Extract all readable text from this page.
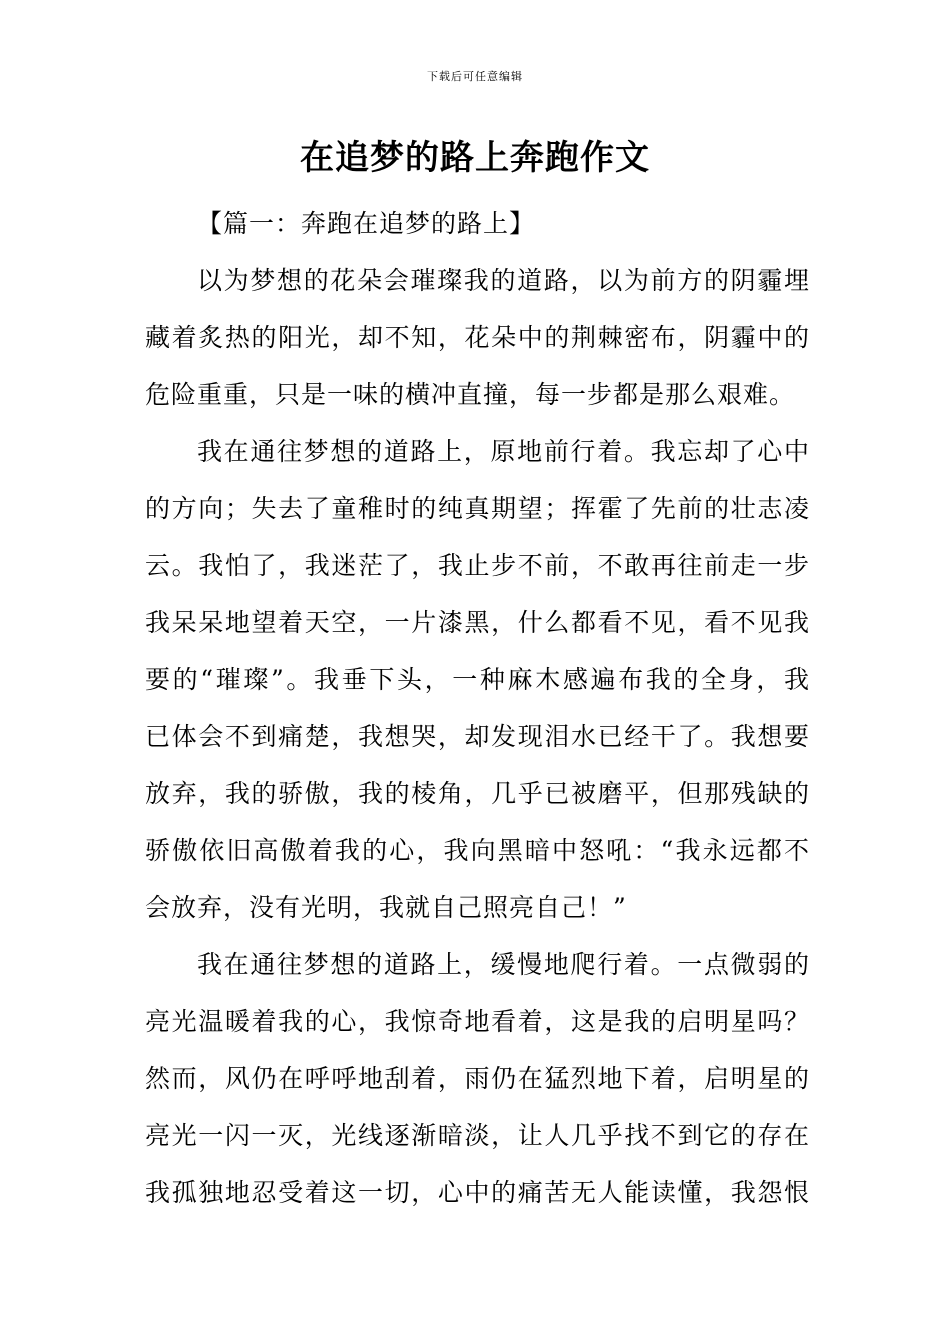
下载后可任意编辑
在追梦的路上奔跑作文
【篇一：奔跑在追梦的路上】

以为梦想的花朵会璀璨我的道路，以为前方的阴霾埋
藏着炙热的阳光，却不知，花朵中的荆棘密布，阴霾中的
危险重重，只是一味的横冲直撞，每一步都是那么艰难。

我在通往梦想的道路上，原地前行着。我忘却了心中
的方向；失去了童稚时的纯真期望；挥霍了先前的壮志凌
云。我怕了，我迷茫了，我止步不前，不敢再往前走一步
我呆呆地望着天空，一片漆黑，什么都看不见，看不见我
要的“璀璨”。我垂下头，一种麻木感遍布我的全身，我
已体会不到痛楚，我想哭，却发现泪水已经干了。我想要
放弃，我的骄傲，我的棱角，几乎已被磨平，但那残缺的
骄傲依旧高傲着我的心，我向黑暗中怒吼：“我永远都不
会放弃，没有光明，我就自己照亮自己！”

我在通往梦想的道路上，缓慢地爬行着。一点微弱的
亮光温暖着我的心，我惊奇地看着，这是我的启明星吗？
然而，风仍在呼呼地刮着，雨仍在猛烈地下着，启明星的
亮光一闪一灭，光线逐渐暗淡，让人几乎找不到它的存在
我孤独地忍受着这一切，心中的痛苦无人能读懂，我怨恨
